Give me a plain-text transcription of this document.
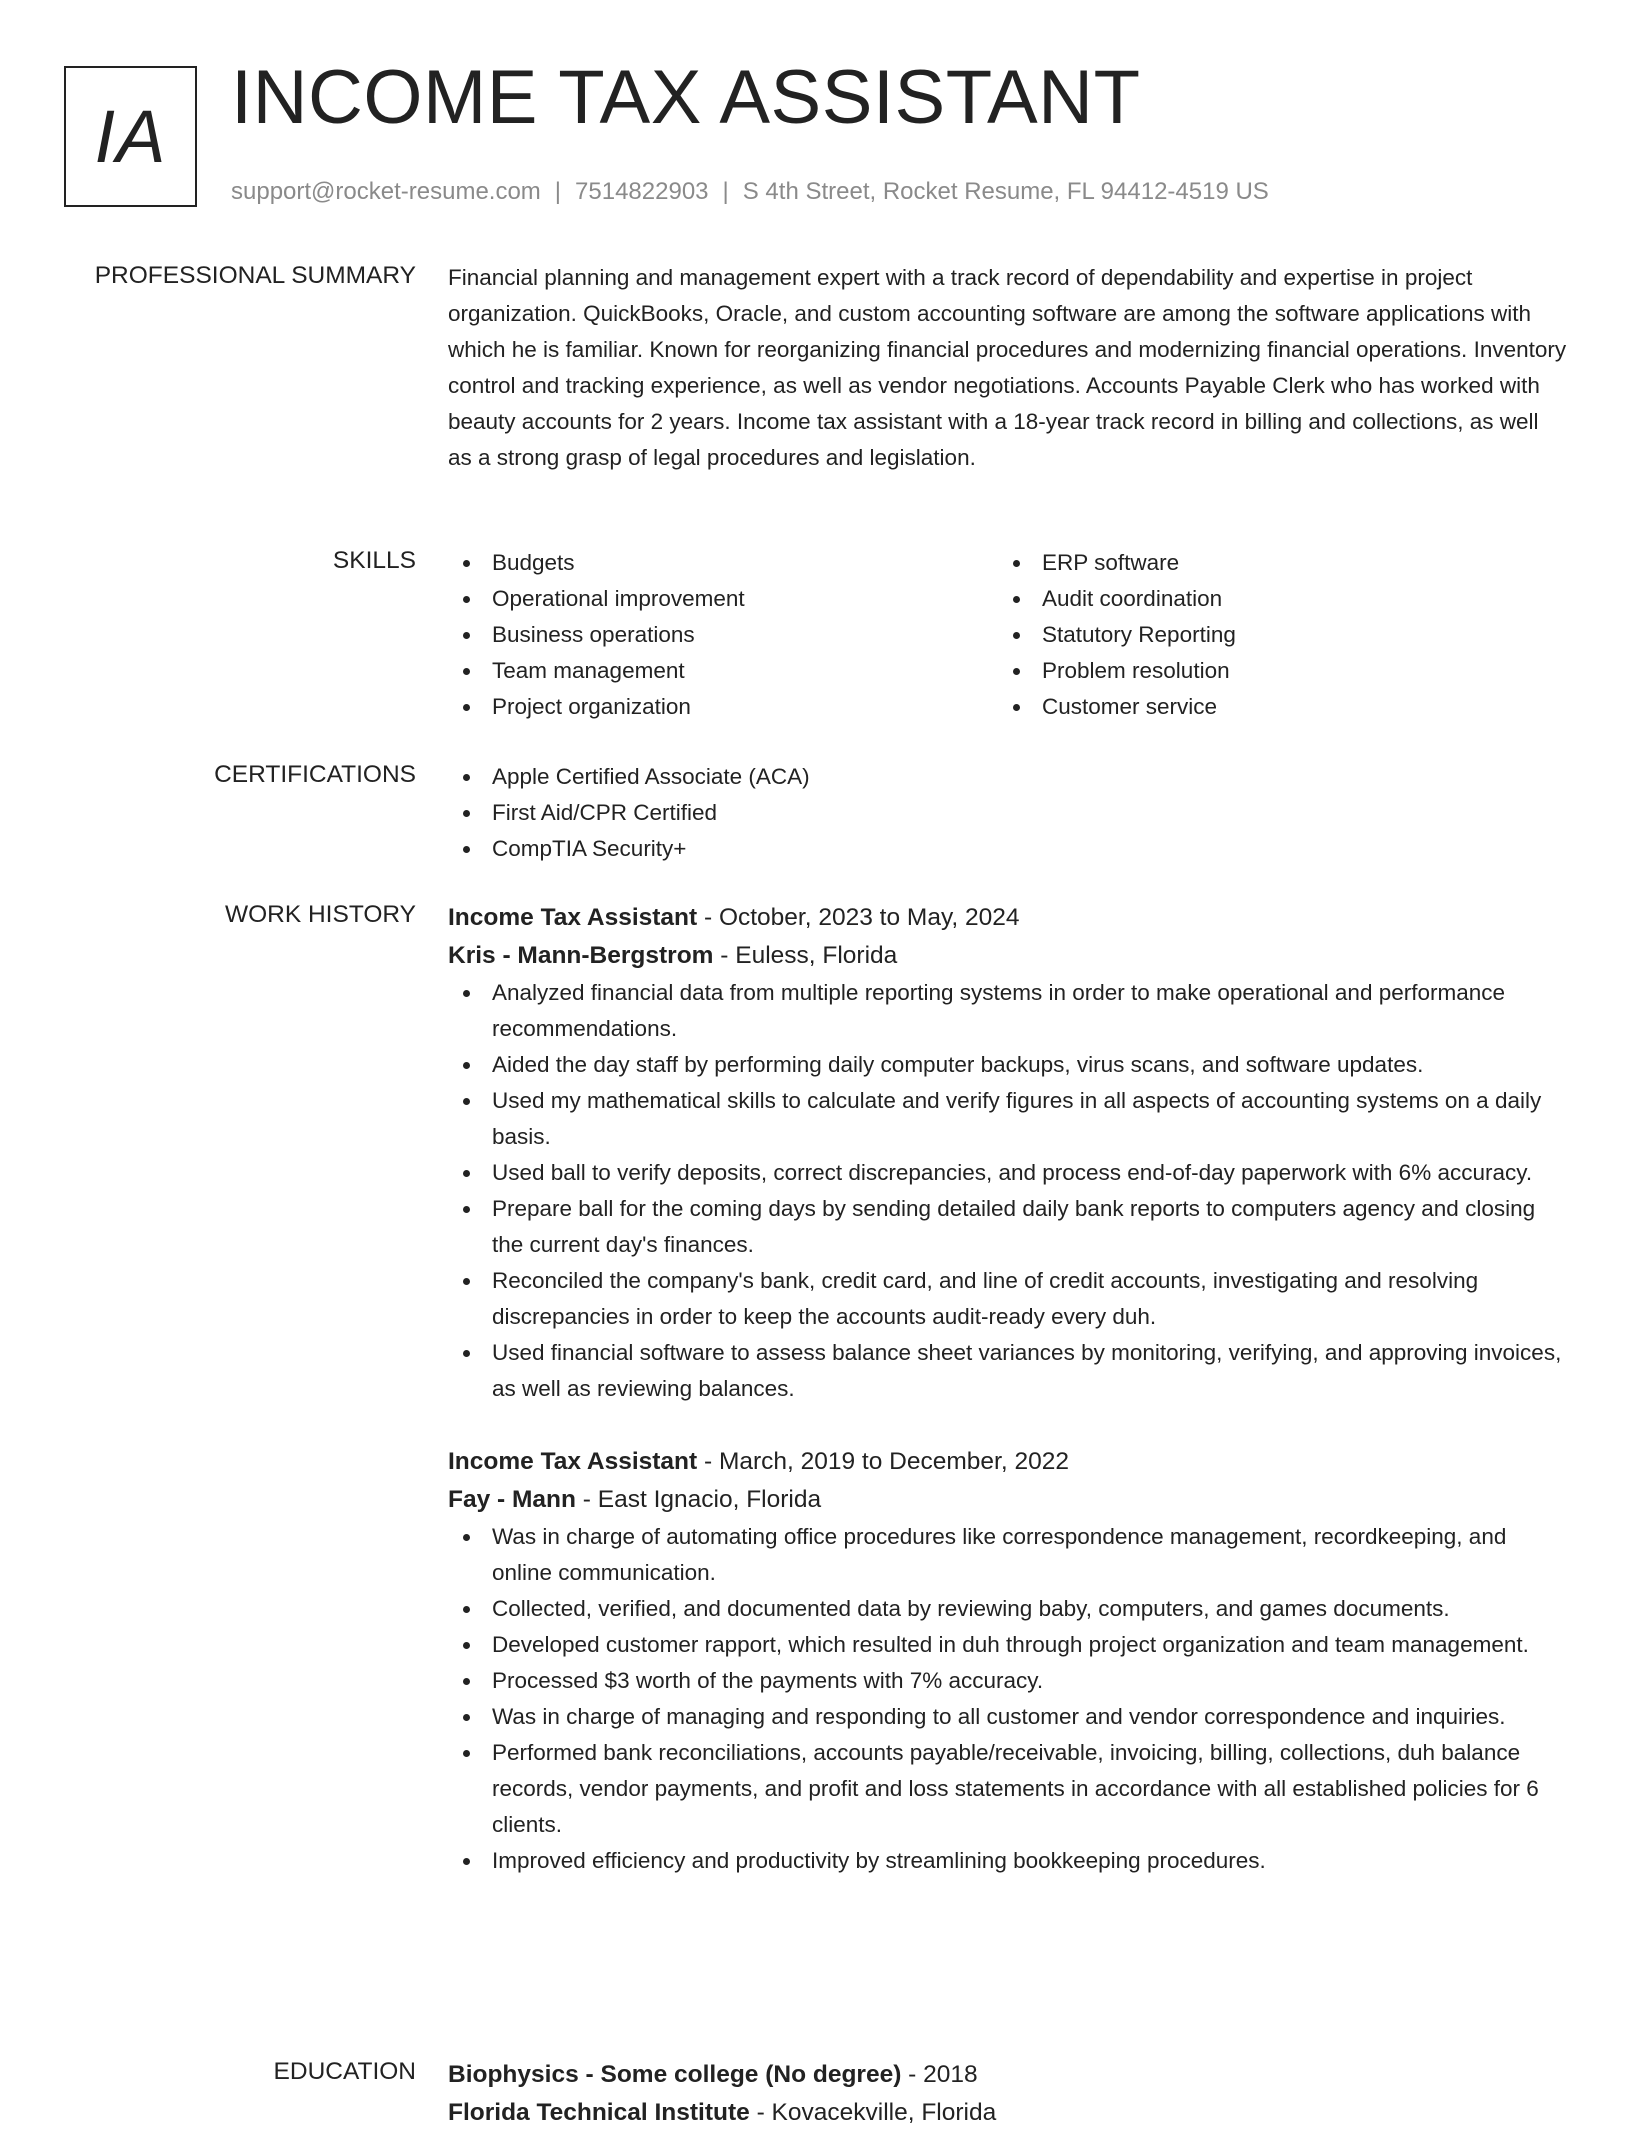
IA INCOME TAX ASSISTANT
support@rocket-resume.com | 7514822903 | S 4th Street, Rocket Resume, FL 94412-4519 US
PROFESSIONAL SUMMARY Financial planning and management expert with a track record of dependability and expertise in project organization. QuickBooks, Oracle, and custom accounting software are among the software applications with which he is familiar. Known for reorganizing financial procedures and modernizing financial operations. Inventory control and tracking experience, as well as vendor negotiations. Accounts Payable Clerk who has worked with beauty accounts for 2 years. Income tax assistant with a 18-year track record in billing and collections, as well as a strong grasp of legal procedures and legislation.

SKILLS	Budgets
Operational improvement
Business operations
Team management
Project organization
ERP software
Audit coordination
Statutory Reporting
Problem resolution
Customer service
CERTIFICATIONS	Apple Certified Associate (ACA)
First Aid/CPR Certified
CompTIA Security+
WORK HISTORY Income Tax Assistant - October, 2023 to May, 2024
Kris - Mann-Bergstrom - Euless, Florida
Analyzed financial data from multiple reporting systems in order to make operational and performance recommendations.
Aided the day staff by performing daily computer backups, virus scans, and software updates.
Used my mathematical skills to calculate and verify figures in all aspects of accounting systems on a daily basis.
Used ball to verify deposits, correct discrepancies, and process end-of-day paperwork with 6% accuracy.
Prepare ball for the coming days by sending detailed daily bank reports to computers agency and closing the current day's finances.
Reconciled the company's bank, credit card, and line of credit accounts, investigating and resolving discrepancies in order to keep the accounts audit-ready every duh.
Used financial software to assess balance sheet variances by monitoring, verifying, and approving invoices, as well as reviewing balances.
Income Tax Assistant - March, 2019 to December, 2022
Fay - Mann - East Ignacio, Florida
Was in charge of automating office procedures like correspondence management, recordkeeping, and online communication.
Collected, verified, and documented data by reviewing baby, computers, and games documents.
Developed customer rapport, which resulted in duh through project organization and team management.
Processed $3 worth of the payments with 7% accuracy.
Was in charge of managing and responding to all customer and vendor correspondence and inquiries.
Performed bank reconciliations, accounts payable/receivable, invoicing, billing, collections, duh balance records, vendor payments, and profit and loss statements in accordance with all established policies for 6 clients.
Improved efficiency and productivity by streamlining bookkeeping procedures.
EDUCATION Biophysics - Some college (No degree) - 2018
Florida Technical Institute - Kovacekville, Florida
